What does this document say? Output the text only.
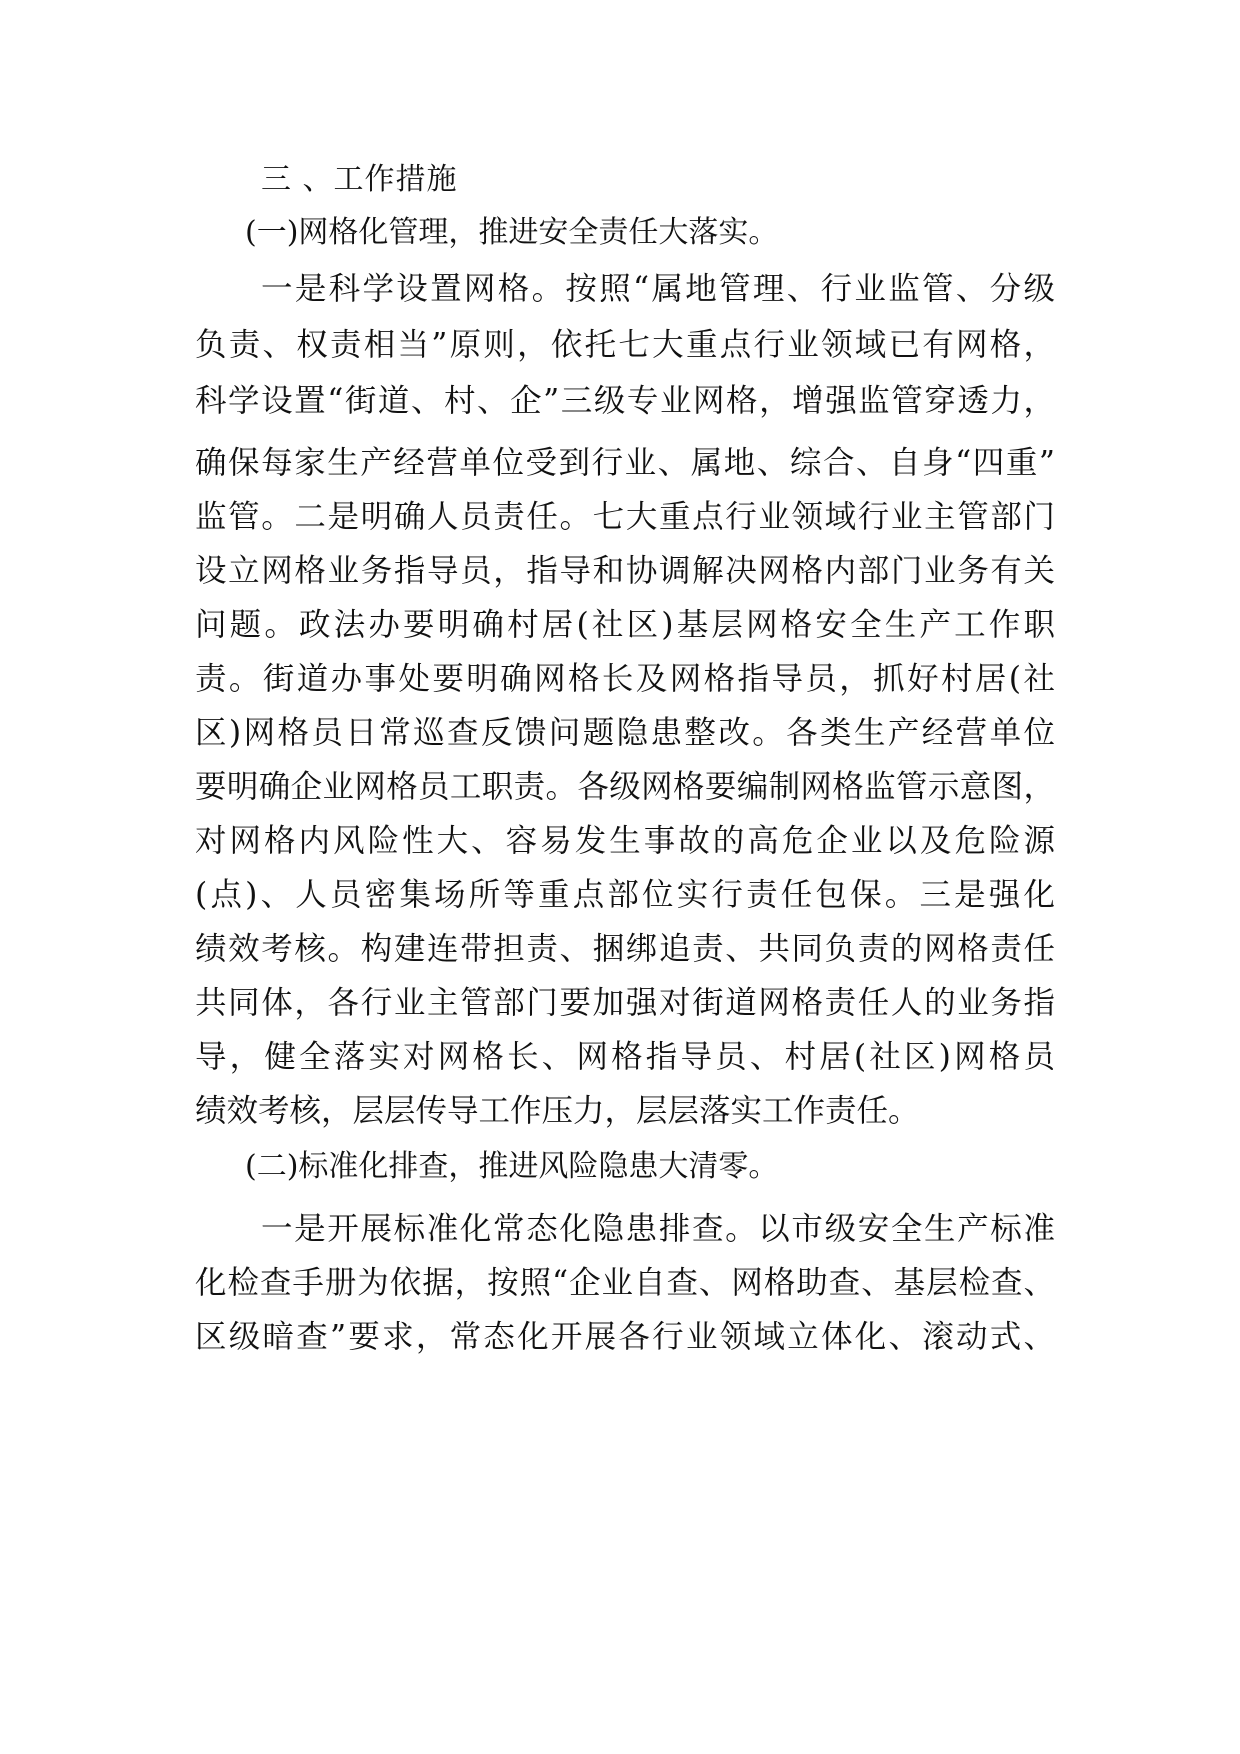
三 、工作措施
(一)网格化管理，推进安全责任大落实。
一是科学设置网格。按照“属地管理、行业监管、分级
负责、权责相当”原则，依托七大重点行业领域已有网格，
科学设置“街道、村、企”三级专业网格，增强监管穿透力，
确保每家生产经营单位受到行业、属地、综合、自身“四重”
监管。二是明确人员责任。七大重点行业领域行业主管部门
设立网格业务指导员，指导和协调解决网格内部门业务有关
问题。政法办要明确村居(社区)基层网格安全生产工作职
责。街道办事处要明确网格长及网格指导员，抓好村居(社
区)网格员日常巡查反馈问题隐患整改。各类生产经营单位
要明确企业网格员工职责。各级网格要编制网格监管示意图，
对网格内风险性大、容易发生事故的高危企业以及危险源
(点)、人员密集场所等重点部位实行责任包保。三是强化
绩效考核。构建连带担责、捆绑追责、共同负责的网格责任
共同体，各行业主管部门要加强对街道网格责任人的业务指
导，健全落实对网格长、网格指导员、村居(社区)网格员
绩效考核，层层传导工作压力，层层落实工作责任。
(二)标准化排查，推进风险隐患大清零。
一是开展标准化常态化隐患排查。以市级安全生产标准
化检查手册为依据，按照“企业自查、网格助查、基层检查、
区级暗查”要求，常态化开展各行业领域立体化、滚动式、
